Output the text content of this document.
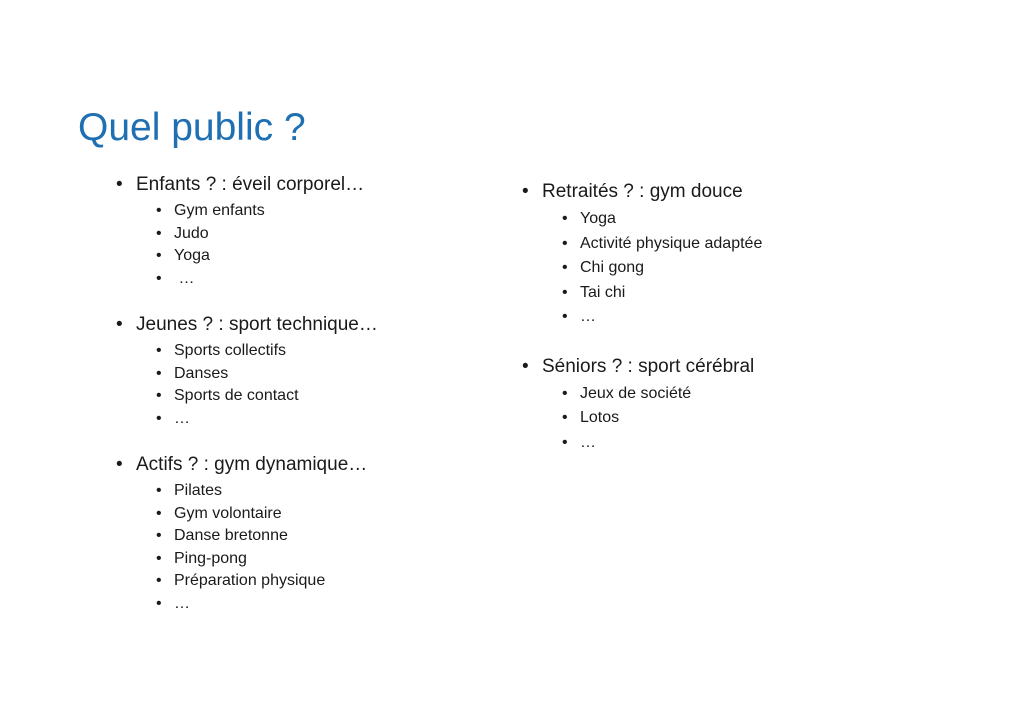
Quel public ?
• Enfants ? : éveil corporel…
• Gym enfants
• Judo
• Yoga
•  …
• Jeunes ? : sport technique…
• Sports collectifs
• Danses
• Sports de contact
• …
• Actifs ? : gym dynamique…
• Pilates
• Gym volontaire
• Danse bretonne
• Ping-pong
• Préparation physique
• …
• Retraités ? : gym douce
• Yoga
• Activité physique adaptée
• Chi gong
• Tai chi
• …
• Séniors ? : sport cérébral
• Jeux de société
• Lotos
• …
